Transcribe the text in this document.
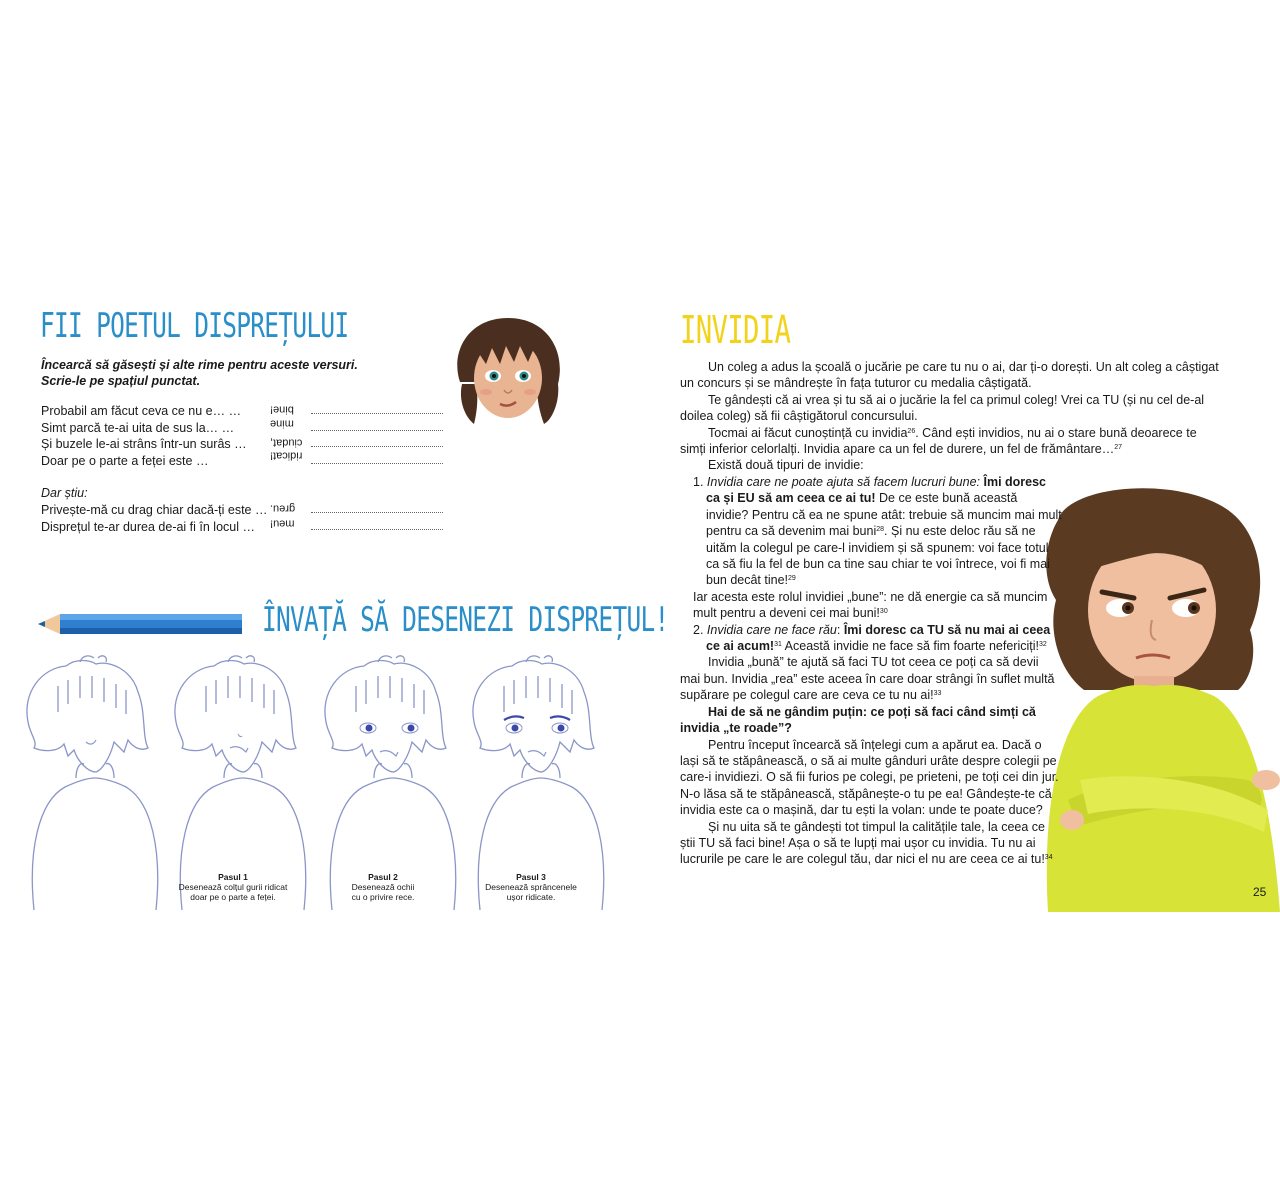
FII POETUL DISPREȚULUI
Încearcă să găsești și alte rime pentru aceste versuri.
Scrie-le pe spațiul punctat.
Probabil am făcut ceva ce nu e… …	bine!
Simt parcă te-ai uita de sus la… …	mine
Și buzele le-ai strâns într-un surâs … ciudat,
Doar pe o parte a feței este …	ridicat!
Dar știu:
Privește-mă cu drag chiar dacă-ți este … greu.
Disprețul te-ar durea de-ai fi în locul … meu!
ÎNVAȚĂ SĂ DESENEZI DISPREȚUL!
Pasul 1
Desenează colțul gurii ridicat
doar pe o parte a feței.
Pasul 2
Desenează ochii
cu o privire rece.
Pasul 3
Desenează sprâncenele
ușor ridicate.
INVIDIA

Un coleg a adus la școală o jucărie pe care tu nu o ai, dar ți-o dorești. Un alt coleg a câștigat un concurs și se mândrește în fața tuturor cu medalia câștigată.

Te gândești că ai vrea și tu să ai o jucărie la fel ca primul coleg! Vrei ca TU (și nu cel de-al doilea coleg) să fii câștigătorul concursului.

Tocmai ai făcut cunoștință cu invidia$^{26}$. Când ești invidios, nu ai o stare bună deoarece te simți inferior celorlalți. Invidia apare ca un fel de durere, un fel de frământare…$^{27}$

Există două tipuri de invidie:

1. Invidia care ne poate ajuta să facem lucruri bune: Îmi doresc ca și EU să am ceea ce ai tu! De ce este bună această invidie? Pentru că ea ne spune atât: trebuie să muncim mai mult pentru ca să devenim mai buni$^{28}$. Și nu este deloc rău să ne uităm la colegul pe care-l invidiem și să spunem: voi face totul ca să fiu la fel de bun ca tine sau chiar te voi întrece, voi fi mai bun decât tine!$^{29}$

Iar acesta este rolul invidiei „bune”: ne dă energie ca să muncim mult pentru a deveni cei mai buni!$^{30}$

2. Invidia care ne face rău: Îmi doresc ca TU să nu mai ai ceea ce ai acum!$^{31}$ Această invidie ne face să fim foarte nefericiți!$^{32}$

Invidia „bună” te ajută să faci TU tot ceea ce poți ca să devii mai bun. Invidia „rea” este aceea în care doar strângi în suflet multă supărare pe colegul care are ceva ce tu nu ai!$^{33}$

Hai de să ne gândim puțin: ce poți să faci când simți că invidia „te roade”?

Pentru început încearcă să înțelegi cum a apărut ea. Dacă o lași să te stăpânească, o să ai multe gânduri urâte despre colegii pe care-i invidiezi. O să fii furios pe colegi, pe prieteni, pe toți cei din jur. N-o lăsa să te stăpânească, stăpânește-o tu pe ea! Gândește-te că invidia este ca o mașină, dar tu ești la volan: unde te poate duce?

Și nu uita să te gândești tot timpul la calitățile tale, la ceea ce știi TU să faci bine! Așa o să te lupți mai ușor cu invidia. Tu nu ai lucrurile pe care le are colegul tău, dar nici el nu are ceea ce ai tu!$^{34}$

25
